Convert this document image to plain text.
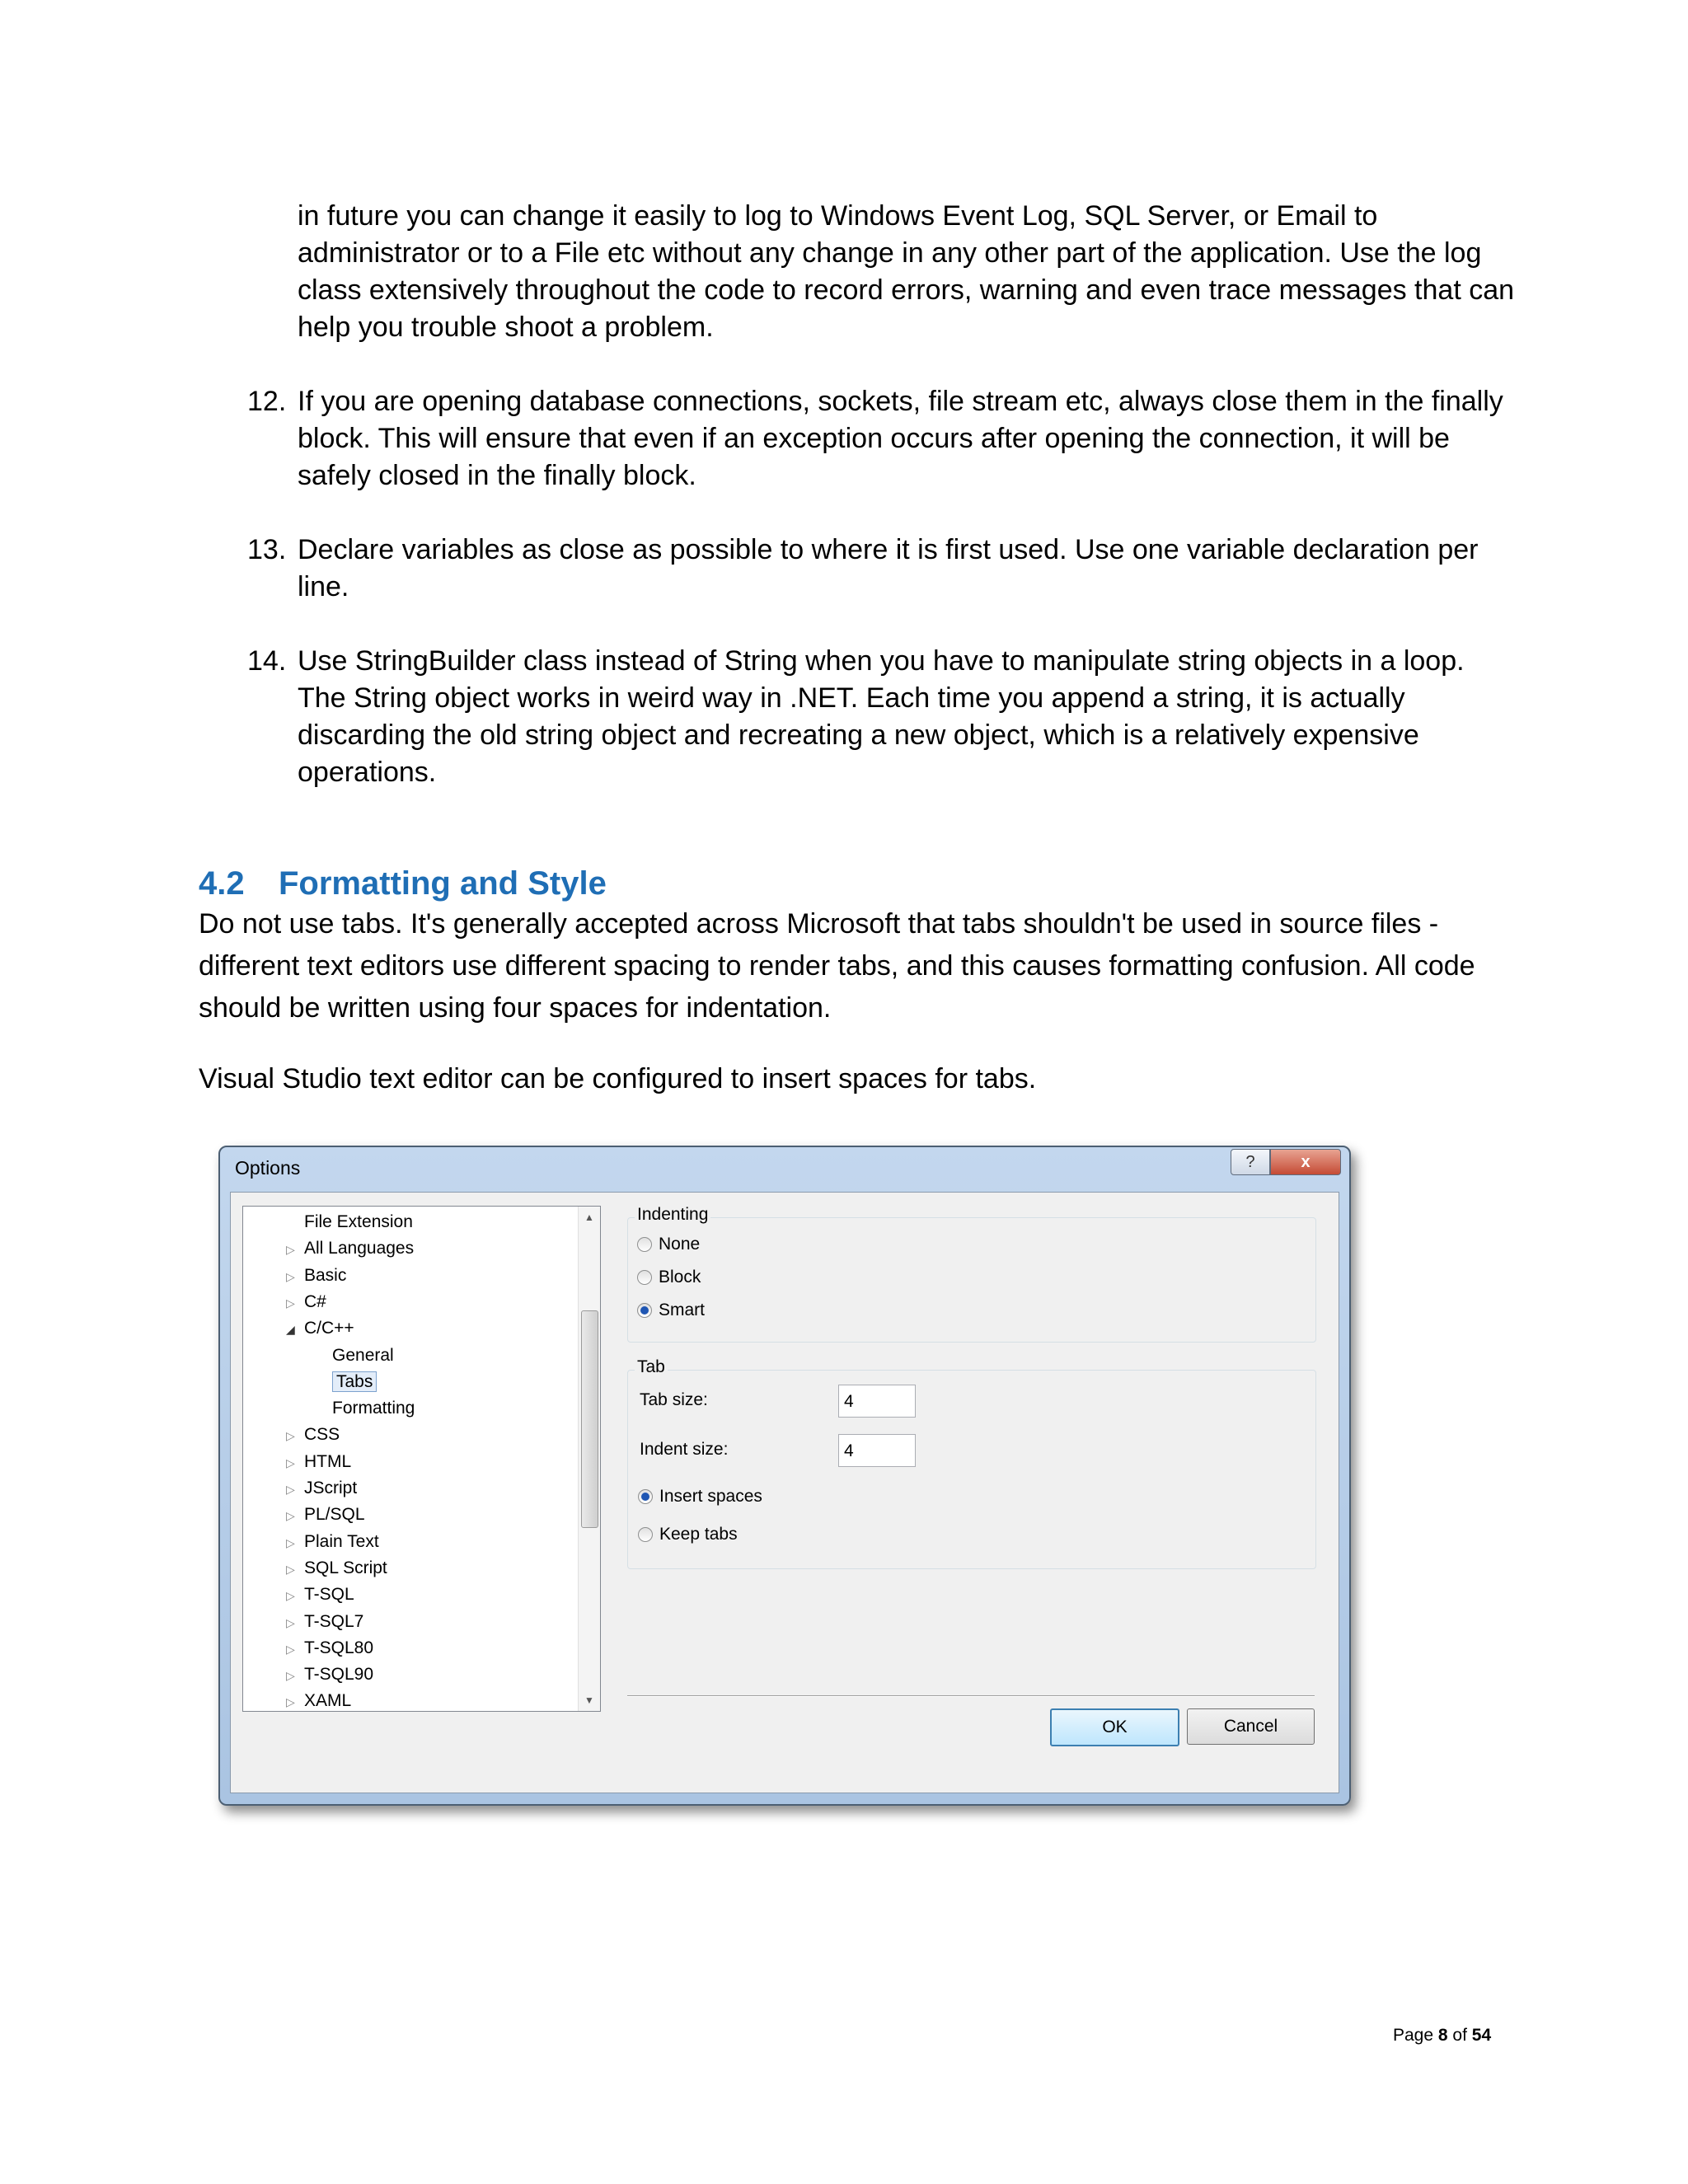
in future you can change it easily to log to Windows Event Log, SQL Server, or Email to administrator or to a File etc without any change in any other part of the application. Use the log class extensively throughout the code to record errors, warning and even trace messages that can help you trouble shoot a problem.

12. If you are opening database connections, sockets, file stream etc, always close them in the finally block. This will ensure that even if an exception occurs after opening the connection, it will be safely closed in the finally block.
13. Declare variables as close as possible to where it is first used. Use one variable declaration per line.
14. Use StringBuilder class instead of String when you have to manipulate string objects in a loop. The String object works in weird way in .NET. Each time you append a string, it is actually discarding the old string object and recreating a new object, which is a relatively expensive operations.
4.2 Formatting and Style
Do not use tabs. It's generally accepted across Microsoft that tabs shouldn't be used in source files - different text editors use different spacing to render tabs, and this causes formatting confusion. All code should be written using four spaces for indentation.
Visual Studio text editor can be configured to insert spaces for tabs.
Options	?	x
File Extension
▷ All Languages
▷ Basic
▷ C#
◢ C/C++
General
Tabs
Formatting
▷ CSS
▷ HTML
▷ JScript
▷ PL/SQL
▷ Plain Text
▷ SQL Script
▷ T-SQL
▷ T-SQL7
▷ T-SQL80
▷ T-SQL90
▷ XAML
▲
▼
Indenting
None
Block
Smart
Tab
Tab size:	4
Indent size:	4
Insert spaces
Keep tabs
OK	Cancel
Page 8 of 54
